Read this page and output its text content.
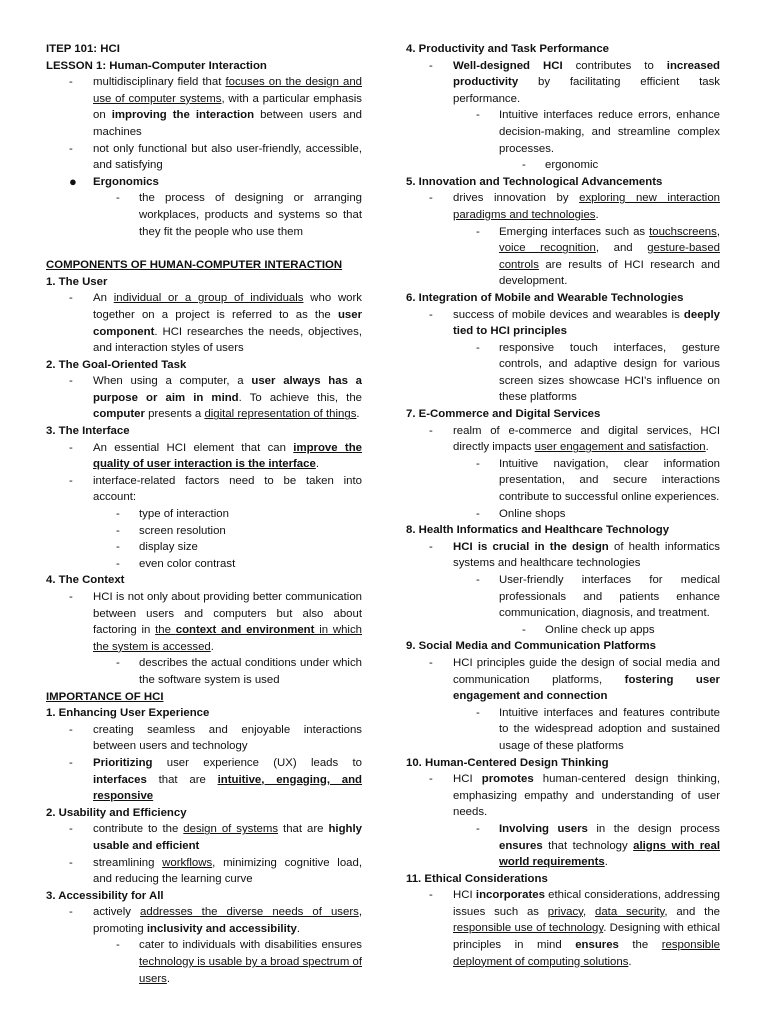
ITEP 101: HCI

LESSON 1: Human-Computer Interaction

- multidisciplinary field that focuses on the design and use of computer systems, with a particular emphasis on improving the interaction between users and machines

- not only functional but also user-friendly, accessible, and satisfying

● Ergonomics

- the process of designing or arranging workplaces, products and systems so that they fit the people who use them

COMPONENTS OF HUMAN-COMPUTER INTERACTION

1. The User

- An individual or a group of individuals who work together on a project is referred to as the user component. HCI researches the needs, objectives, and interaction styles of users

2. The Goal-Oriented Task

- When using a computer, a user always has a purpose or aim in mind. To achieve this, the computer presents a digital representation of things.

3. The Interface

- An essential HCI element that can improve the quality of user interaction is the interface.

- interface-related factors need to be taken into account:

- type of interaction

- screen resolution

- display size

- even color contrast

4. The Context

- HCI is not only about providing better communication between users and computers but also about factoring in the context and environment in which the system is accessed.

- describes the actual conditions under which the software system is used

IMPORTANCE OF HCI

1. Enhancing User Experience

- creating seamless and enjoyable interactions between users and technology

- Prioritizing user experience (UX) leads to interfaces that are intuitive, engaging, and responsive

2. Usability and Efficiency

- contribute to the design of systems that are highly usable and efficient

- streamlining workflows, minimizing cognitive load, and reducing the learning curve

3. Accessibility for All

- actively addresses the diverse needs of users, promoting inclusivity and accessibility.

- cater to individuals with disabilities ensures technology is usable by a broad spectrum of users.

4. Productivity and Task Performance

- Well-designed HCI contributes to increased productivity by facilitating efficient task performance.

- Intuitive interfaces reduce errors, enhance decision-making, and streamline complex processes.

- ergonomic

5. Innovation and Technological Advancements

- drives innovation by exploring new interaction paradigms and technologies.

- Emerging interfaces such as touchscreens, voice recognition, and gesture-based controls are results of HCI research and development.

6. Integration of Mobile and Wearable Technologies

- success of mobile devices and wearables is deeply tied to HCI principles

- responsive touch interfaces, gesture controls, and adaptive design for various screen sizes showcase HCI's influence on these platforms

7. E-Commerce and Digital Services

- realm of e-commerce and digital services, HCI directly impacts user engagement and satisfaction.

- Intuitive navigation, clear information presentation, and secure interactions contribute to successful online experiences.

- Online shops

8. Health Informatics and Healthcare Technology

- HCI is crucial in the design of health informatics systems and healthcare technologies

- User-friendly interfaces for medical professionals and patients enhance communication, diagnosis, and treatment.

- Online check up apps

9. Social Media and Communication Platforms

- HCI principles guide the design of social media and communication platforms, fostering user engagement and connection

- Intuitive interfaces and features contribute to the widespread adoption and sustained usage of these platforms

10. Human-Centered Design Thinking

- HCI promotes human-centered design thinking, emphasizing empathy and understanding of user needs.

- Involving users in the design process ensures that technology aligns with real world requirements.

11. Ethical Considerations

- HCI incorporates ethical considerations, addressing issues such as privacy, data security, and the responsible use of technology. Designing with ethical principles in mind ensures the responsible deployment of computing solutions.
